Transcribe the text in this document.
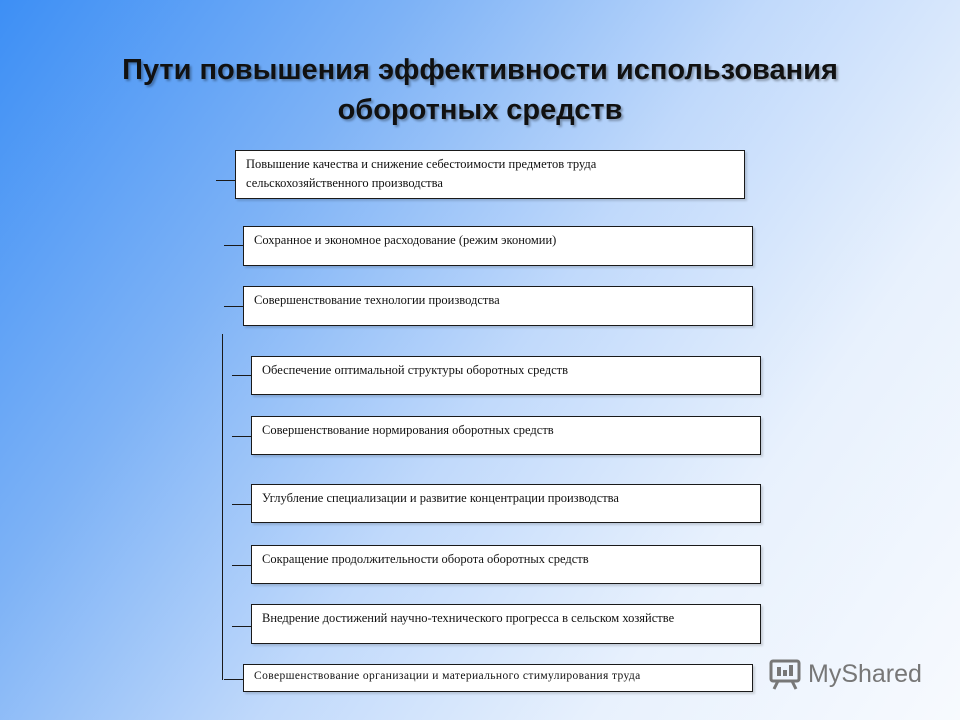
Пути повышения эффективности использования
оборотных средств
Повышение качества и снижение себестоимости предметов труда
сельскохозяйственного производства
Сохранное и экономное расходование (режим экономии)
Совершенствование технологии производства
Обеспечение оптимальной структуры оборотных средств
Совершенствование нормирования оборотных средств
Углубление специализации и развитие концентрации производства
Сокращение продолжительности оборота оборотных средств
Внедрение достижений научно-технического прогресса в сельском хозяйстве
Совершенствование организации и материального стимулирования труда	MyShared
